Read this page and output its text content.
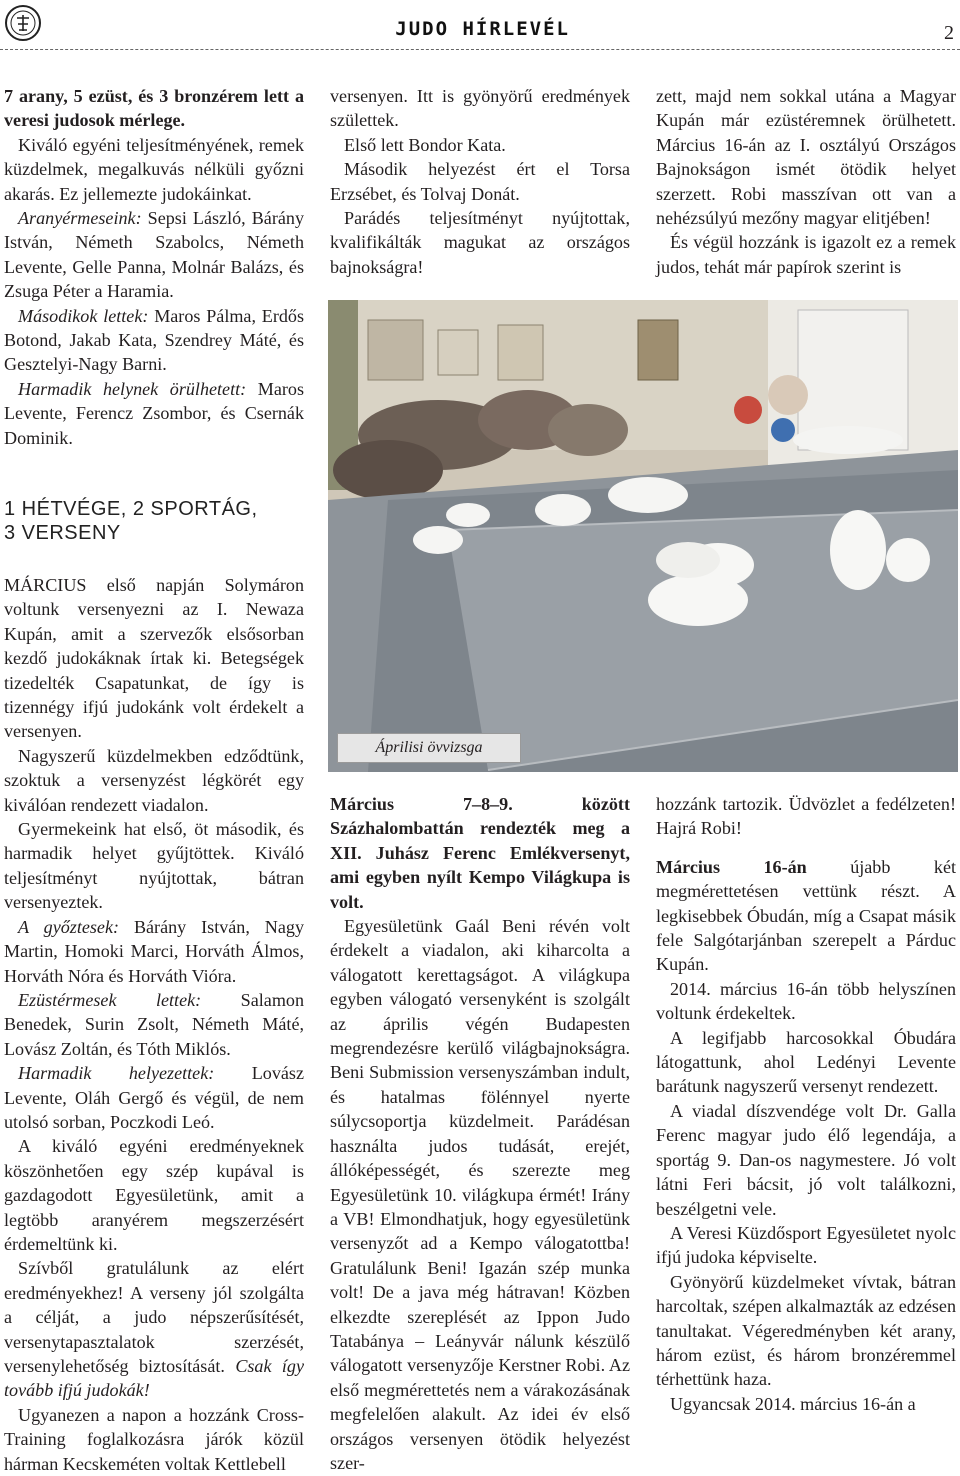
JUDO HÍRLEVÉL	2

7 arany, 5 ezüst, és 3 bronzérem lett a veresi judosok mérlege.

Kiváló egyéni teljesítményének, remek küzdelmek, megalkuvás nélküli győzni akarás. Ez jellemezte judokáinkat.

Aranyérmeseink: Sepsi László, Bárány István, Németh Szabolcs, Németh Levente, Gelle Panna, Molnár Balázs, és Zsuga Péter a Haramia.

Másodikok lettek: Maros Pálma, Erdős Botond, Jakab Kata, Szendrey Máté, és Gesztelyi-Nagy Barni.

Harmadik helynek örülhetett: Maros Levente, Ferencz Zsombor, és Csernák Dominik.

1 HÉTVÉGE, 2 SPORTÁG,
3 VERSENY

MÁRCIUS első napján Solymáron voltunk versenyezni az I. Newaza Kupán, amit a szervezők elsősorban kezdő judokáknak írtak ki. Betegségek tizedelték Csapatunkat, de így is tizennégy ifjú judokánk volt érdekelt a versenyen.

Nagyszerű küzdelmekben edződtünk, szoktuk a versenyzést légkörét egy kiválóan rendezett viadalon.

Gyermekeink hat első, öt második, és harmadik helyet gyűjtöttek. Kiváló teljesítményt nyújtottak, bátran versenyeztek.

A győztesek: Bárány István, Nagy Martin, Homoki Marci, Horváth Álmos, Horváth Nóra és Horváth Vióra.

Ezüstérmesek lettek: Salamon Benedek, Surin Zsolt, Németh Máté, Lovász Zoltán, és Tóth Miklós.

Harmadik helyezettek: Lovász Levente, Oláh Gergő és végül, de nem utolsó sorban, Poczkodi Leó.

A kiváló egyéni eredményeknek köszönhetően egy szép kupával is gazdagodott Egyesületünk, amit a legtöbb aranyérem megszerzésért érdemeltünk ki.

Szívből gratulálunk az elért eredményekhez! A verseny jól szolgálta a célját, a judo népszerűsítését, versenytapasztalatok szerzését, versenylehetőség biztosítását. Csak így tovább ifjú judokák!

Ugyanezen a napon a hozzánk Cross-Training foglalkozásra járók közül hárman Kecskeméten voltak Kettlebell

versenyen. Itt is gyönyörű eredmények születtek.

Első lett Bondor Kata.

Második helyezést ért el Torsa Erzsébet, és Tolvaj Donát.

Parádés teljesítményt nyújtottak, kvalifikálták magukat az országos bajnokságra!

zett, majd nem sokkal utána a Magyar Kupán már ezüstéremnek örülhetett. Március 16-án az I. osztályú Országos Bajnokságon ismét ötödik helyet szerzett. Robi masszívan ott van a nehézsúlyú mezőny magyar elitjében!

És végül hozzánk is igazolt ez a remek judos, tehát már papírok szerint is

Áprilisi övvizsga

Március 7–8–9. között Százhalombattán rendezték meg a XII. Juhász Ferenc Emlékversenyt, ami egyben nyílt Kempo Világkupa is volt.

Egyesületünk Gaál Beni révén volt érdekelt a viadalon, aki kiharcolta a válogatott kerettagságot. A világkupa egyben válogató versenyként is szolgált az április végén Budapesten megrendezésre kerülő világbajnokságra. Beni Submission versenyszámban indult, és hatalmas fölénnyel nyerte súlycsoportja küzdelmeit. Parádésan használta judos tudását, erejét, állóképességét, és szerezte meg Egyesületünk 10. világkupa érmét! Irány a VB! Elmondhatjuk, hogy egyesületünk versenyzőt ad a Kempo válogatottba! Gratulálunk Beni! Igazán szép munka volt! De a java még hátravan! Közben elkezdte szereplését az Ippon Judo Tatabánya – Leányvár nálunk készülő válogatott versenyzője Kerstner Robi. Az első megmérettetés nem a várakozásának megfelelően alakult. Az idei év első országos versenyen ötödik helyezést szer-

hozzánk tartozik. Üdvözlet a fedélzeten! Hajrá Robi!

Március 16-án újabb két megmérettetésen vettünk részt. A legkisebbek Óbudán, míg a Csapat másik fele Salgótarjánban szerepelt a Párduc Kupán.

2014. március 16-án több helyszínen voltunk érdekeltek.

A legifjabb harcosokkal Óbudára látogattunk, ahol Ledényi Levente barátunk nagyszerű versenyt rendezett.

A viadal díszvendége volt Dr. Galla Ferenc magyar judo élő legendája, a sportág 9. Dan-os nagymestere. Jó volt látni Feri bácsit, jó volt találkozni, beszélgetni vele.

A Veresi Küzdősport Egyesületet nyolc ifjú judoka képviselte.

Gyönyörű küzdelmeket vívtak, bátran harcoltak, szépen alkalmazták az edzésen tanultakat. Végeredményben két arany, három ezüst, és három bronzéremmel térhettünk haza.

Ugyancsak 2014. március 16-án a
